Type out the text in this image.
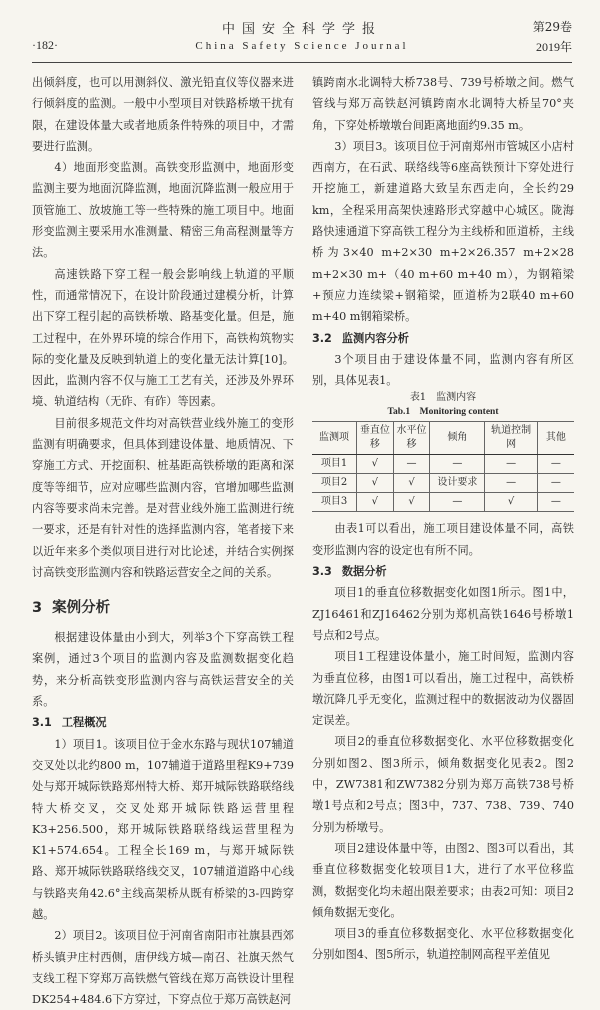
·182·
中国安全科学学报
China Safety Science Journal
第29卷
2019年

出倾斜度，也可以用测斜仪、激光铅直仪等仪器来进行倾斜度的监测。一般中小型项目对铁路桥墩干扰有限，在建设体量大或者地质条件特殊的项目中，才需要进行监测。

4）地面形变监测。高铁变形监测中，地面形变监测主要为地面沉降监测，地面沉降监测一般应用于顶管施工、放坡施工等一些特殊的施工项目中。地面形变监测主要采用水准测量、精密三角高程测量等方法。

高速铁路下穿工程一般会影响线上轨道的平顺性，而通常情况下，在设计阶段通过建模分析，计算出下穿工程引起的高铁桥墩、路基变化量。但是，施工过程中，在外界环境的综合作用下，高铁构筑物实际的变化量及反映到轨道上的变化量无法计算[10]。因此，监测内容不仅与施工工艺有关，还涉及外界环境、轨道结构（无砟、有砟）等因素。

目前很多规范文件均对高铁营业线外施工的变形监测有明确要求，但具体到建设体量、地质情况、下穿施工方式、开挖面积、桩基距高铁桥墩的距离和深度等等细节，应对应哪些监测内容，官增加哪些监测内容等要求尚未完善。是对营业线外施工监测进行统一要求，还是有针对性的选择监测内容，笔者接下来以近年来多个类似项目进行对比论述，并结合实例探讨高铁变形监测内容和铁路运营安全之间的关系。

3 案例分析

根据建设体量由小到大，列举3个下穿高铁工程案例，通过3个项目的监测内容及监测数据变化趋势，来分析高铁变形监测内容与高铁运营安全的关系。

3.1 工程概况

1）项目1。该项目位于金水东路与现状107辅道交叉处以北约800 m，107辅道于道路里程K9+739处与郑开城际铁路郑州特大桥、郑开城际铁路联络线特大桥交叉，交叉处郑开城际铁路运营里程K3+256.500，郑开城际铁路联络线运营里程为K1+574.654。工程全长169 m，与郑开城际铁路、郑开城际铁路联络线交叉，107辅道道路中心线与铁路夹角42.6°主线高架桥从既有桥梁的3-四跨穿越。

2）项目2。该项目位于河南省南阳市社旗县西郊桥头镇尹庄村西侧，唐伊线方城—南召、社旗天然气支线工程下穿郑万高铁燃气管线在郑万高铁设计里程DK254+484.6下方穿过，下穿点位于郑万高铁赵河

镇跨南水北调特大桥738号、739号桥墩之间。燃气管线与郑万高铁赵河镇跨南水北调特大桥呈70°夹角，下穿处桥墩墩台间距离地面约9.35 m。

3）项目3。该项目位于河南郑州市管城区小店村西南方，在石武、联络线等6座高铁预计下穿处进行开挖施工，新建道路大致呈东西走向，全长约29 km，全程采用高架快速路形式穿越中心城区。陇海路快速通道下穿高铁工程分为主线桥和匝道桥，主线桥为3×40 m+2×30 m+2×26.357 m+2×28 m+2×30 m+（40 m+60 m+40 m），为钢箱梁+预应力连续梁+钢箱梁，匝道桥为2联40 m+60 m+40 m钢箱梁桥。

3.2 监测内容分析

3个项目由于建设体量不同，监测内容有所区别，具体见表1。

表1　监测内容
Tab.1　Monitoring content
监测项	垂直位移	水平位移	倾角	轨道控制网	其他
项目1	√	—	—	—	—
项目2	√	√	设计要求	—	—
项目3	√	√	—	√	—

由表1可以看出，施工项目建设体量不同，高铁变形监测内容的设定也有所不同。

3.3 数据分析

项目1的垂直位移数据变化如图1所示。图1中，ZJ16461和ZJ16462分别为郑机高铁1646号桥墩1号点和2号点。

项目1工程建设体量小，施工时间短，监测内容为垂直位移，由图1可以看出，施工过程中，高铁桥墩沉降几乎无变化，监测过程中的数据波动为仪器固定误差。

项目2的垂直位移数据变化、水平位移数据变化分别如图2、图3所示，倾角数据变化见表2。图2中，ZW7381和ZW7382分别为郑万高铁738号桥墩1号点和2号点；图3中，737、738、739、740分别为桥墩号。

项目2建设体量中等，由图2、图3可以看出，其垂直位移数据变化较项目1大，进行了水平位移监测，数据变化均未超出限差要求；由表2可知：项目2倾角数据无变化。

项目3的垂直位移数据变化、水平位移数据变化分别如图4、图5所示，轨道控制网高程平差值见
